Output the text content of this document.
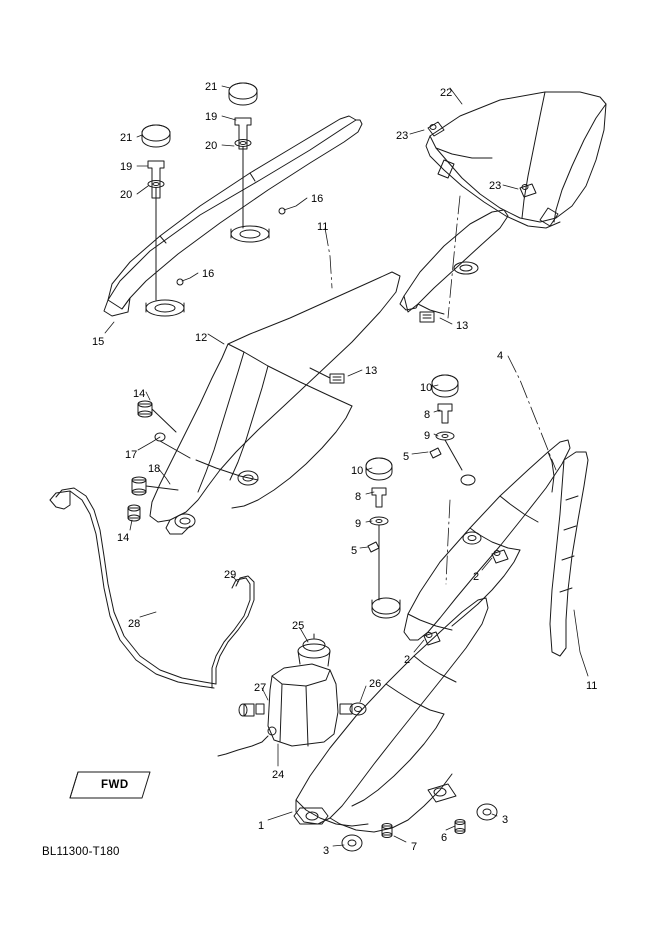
21
19
20
21
19
20	16
11
16
15	12
13
14
17
18
14
22
23
23
13
4
10
8
9
5
10
8
9
5
2
2
11
29
28	25
27	26
24
1	3
6
3	7
FWD
BL11300-T180
